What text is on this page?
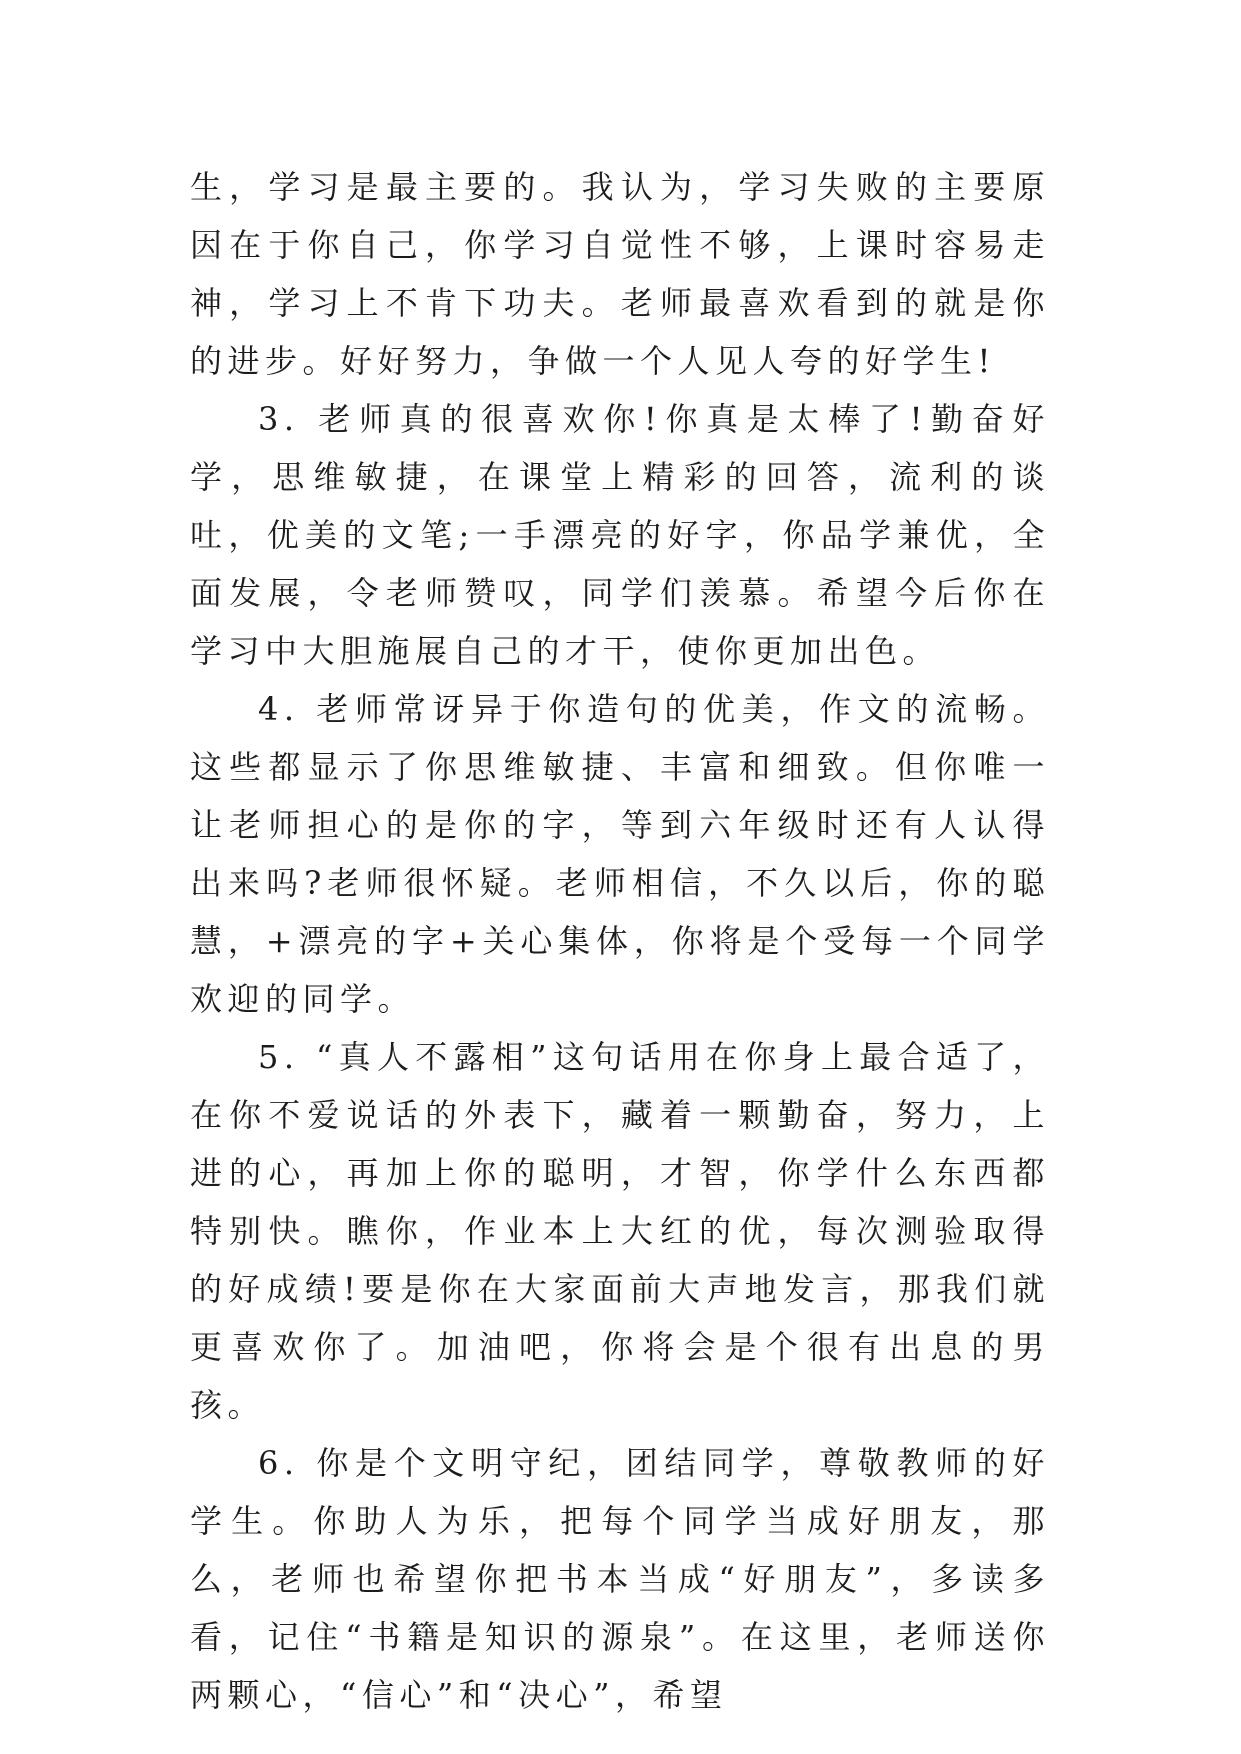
生，学习是最主要的。我认为，学习失败的主要原因在于你自己，你学习自觉性不够，上课时容易走神，学习上不肯下功夫。老师最喜欢看到的就是你的进步。好好努力，争做一个人见人夸的好学生!

3. 老师真的很喜欢你!你真是太棒了!勤奋好学，思维敏捷，在课堂上精彩的回答，流利的谈吐，优美的文笔;一手漂亮的好字，你品学兼优，全面发展，令老师赞叹，同学们羡慕。希望今后你在学习中大胆施展自己的才干，使你更加出色。

4. 老师常讶异于你造句的优美，作文的流畅。这些都显示了你思维敏捷、丰富和细致。但你唯一让老师担心的是你的字，等到六年级时还有人认得出来吗?老师很怀疑。老师相信，不久以后，你的聪慧，+漂亮的字+关心集体，你将是个受每一个同学欢迎的同学。

5. “真人不露相”这句话用在你身上最合适了，在你不爱说话的外表下，藏着一颗勤奋，努力，上进的心，再加上你的聪明，才智，你学什么东西都特别快。瞧你，作业本上大红的优，每次测验取得的好成绩!要是你在大家面前大声地发言，那我们就更喜欢你了。加油吧，你将会是个很有出息的男孩。

6. 你是个文明守纪，团结同学，尊敬教师的好学生。你助人为乐，把每个同学当成好朋友，那么，老师也希望你把书本当成“好朋友”，多读多看，记住“书籍是知识的源泉”。在这里，老师送你两颗心，“信心”和“决心”，希望
